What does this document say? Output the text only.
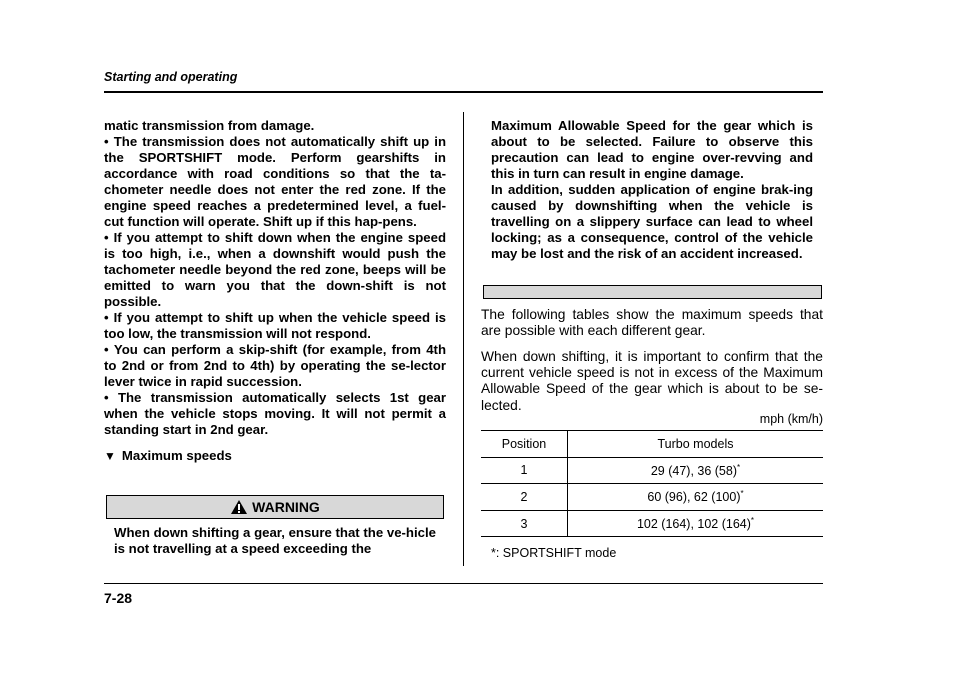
Starting and operating

matic transmission from damage.

• The transmission does not automatically shift up in the SPORTSHIFT mode. Perform gearshifts in accordance with road conditions so that the ta-chometer needle does not enter the red zone. If the engine speed reaches a predetermined level, a fuel-cut function will operate. Shift up if this hap-pens.

• If you attempt to shift down when the engine speed is too high, i.e., when a downshift would push the tachometer needle beyond the red zone, beeps will be emitted to warn you that the down-shift is not possible.

• If you attempt to shift up when the vehicle speed is too low, the transmission will not respond.

• You can perform a skip-shift (for example, from 4th to 2nd or from 2nd to 4th) by operating the se-lector lever twice in rapid succession.

• The transmission automatically selects 1st gear when the vehicle stops moving. It will not permit a standing start in 2nd gear.

▼ Maximum speeds

WARNING
When down shifting a gear, ensure that the ve-hicle is not travelling at a speed exceeding the

Maximum Allowable Speed for the gear which is about to be selected. Failure to observe this precaution can lead to engine over-revving and this in turn can result in engine damage.

In addition, sudden application of engine brak-ing caused by downshifting when the vehicle is travelling on a slippery surface can lead to wheel locking; as a consequence, control of the vehicle may be lost and the risk of an accident increased.

The following tables show the maximum speeds that are possible with each different gear.
When down shifting, it is important to confirm that the current vehicle speed is not in excess of the Maximum Allowable Speed of the gear which is about to be se-lected.
mph (km/h)
Position	Turbo models
1	29 (47), 36 (58)*
2	60 (96), 62 (100)*
3	102 (164), 102 (164)*
*: SPORTSHIFT mode
7-28
